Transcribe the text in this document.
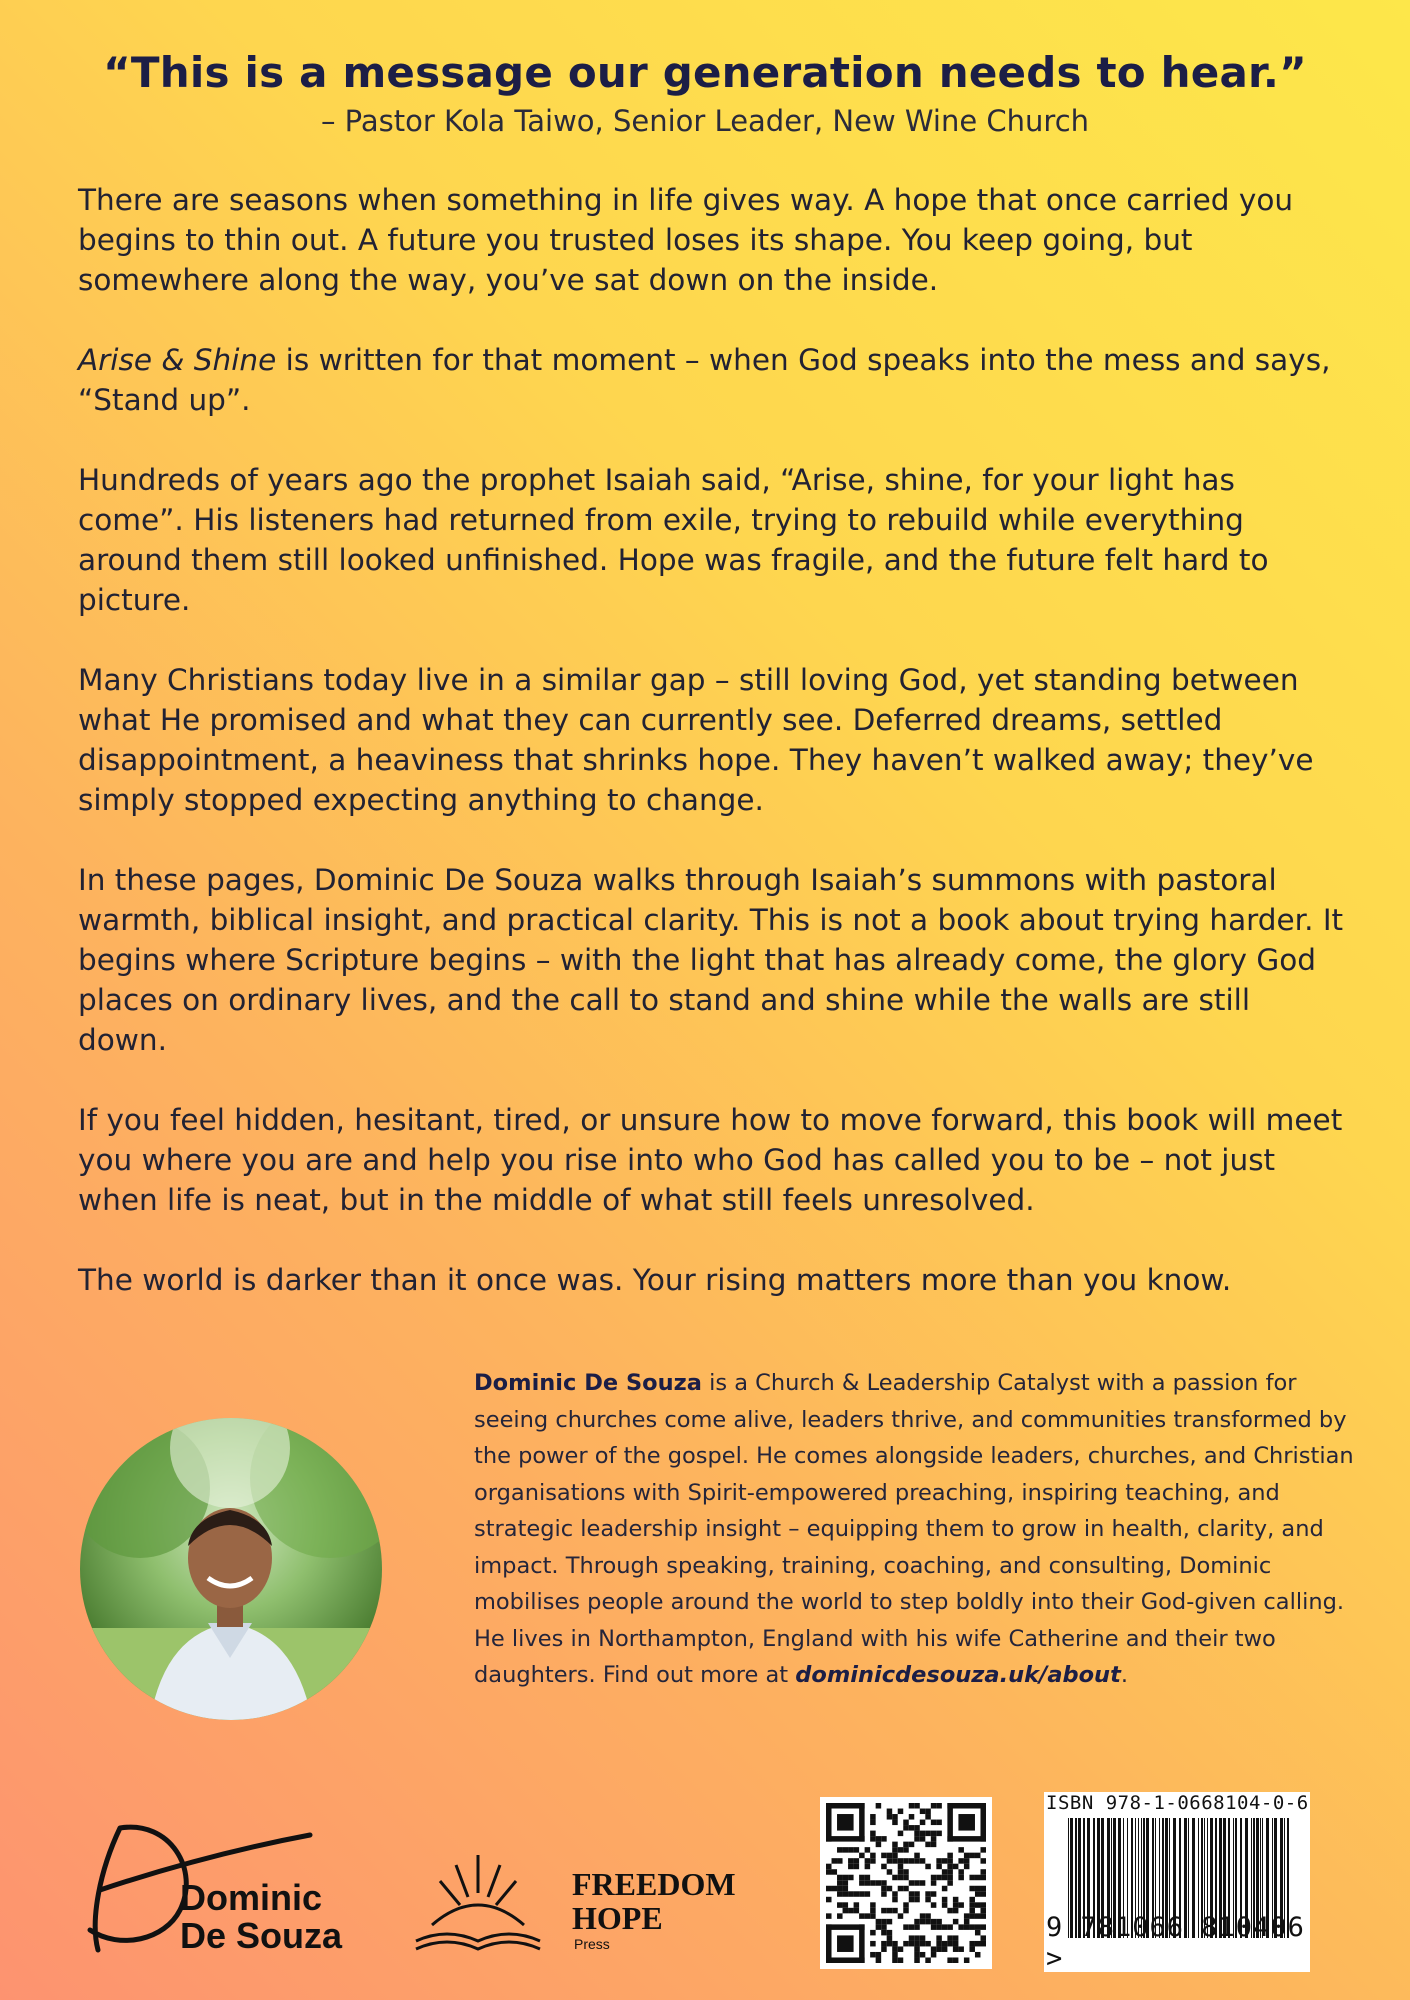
“This is a message our generation needs to hear.”
– Pastor Kola Taiwo, Senior Leader, New Wine Church

There are seasons when something in life gives way. A hope that once carried you begins to thin out. A future you trusted loses its shape. You keep going, but somewhere along the way, you’ve sat down on the inside.

Arise & Shine is written for that moment – when God speaks into the mess and says, “Stand up”.

Hundreds of years ago the prophet Isaiah said, “Arise, shine, for your light has come”. His listeners had returned from exile, trying to rebuild while everything around them still looked unfinished. Hope was fragile, and the future felt hard to picture.

Many Christians today live in a similar gap – still loving God, yet standing between what He promised and what they can currently see. Deferred dreams, settled disappointment, a heaviness that shrinks hope. They haven’t walked away; they’ve simply stopped expecting anything to change.

In these pages, Dominic De Souza walks through Isaiah’s summons with pastoral warmth, biblical insight, and practical clarity. This is not a book about trying harder. It begins where Scripture begins – with the light that has already come, the glory God places on ordinary lives, and the call to stand and shine while the walls are still down.

If you feel hidden, hesitant, tired, or unsure how to move forward, this book will meet you where you are and help you rise into who God has called you to be – not just when life is neat, but in the middle of what still feels unresolved.

The world is darker than it once was. Your rising matters more than you know.

Dominic De Souza is a Church & Leadership Catalyst with a passion for seeing churches come alive, leaders thrive, and communities transformed by the power of the gospel. He comes alongside leaders, churches, and Christian organisations with Spirit-empowered preaching, inspiring teaching, and strategic leadership insight – equipping them to grow in health, clarity, and impact. Through speaking, training, coaching, and consulting, Dominic mobilises people around the world to step boldly into their God-given calling. He lives in Northampton, England with his wife Catherine and their two daughters. Find out more at dominicdesouza.uk/about.
Dominic
De Souza
FREEDOM
HOPE
Press
ISBN 978-1-0668104-0-6
9 781066 810406 >
